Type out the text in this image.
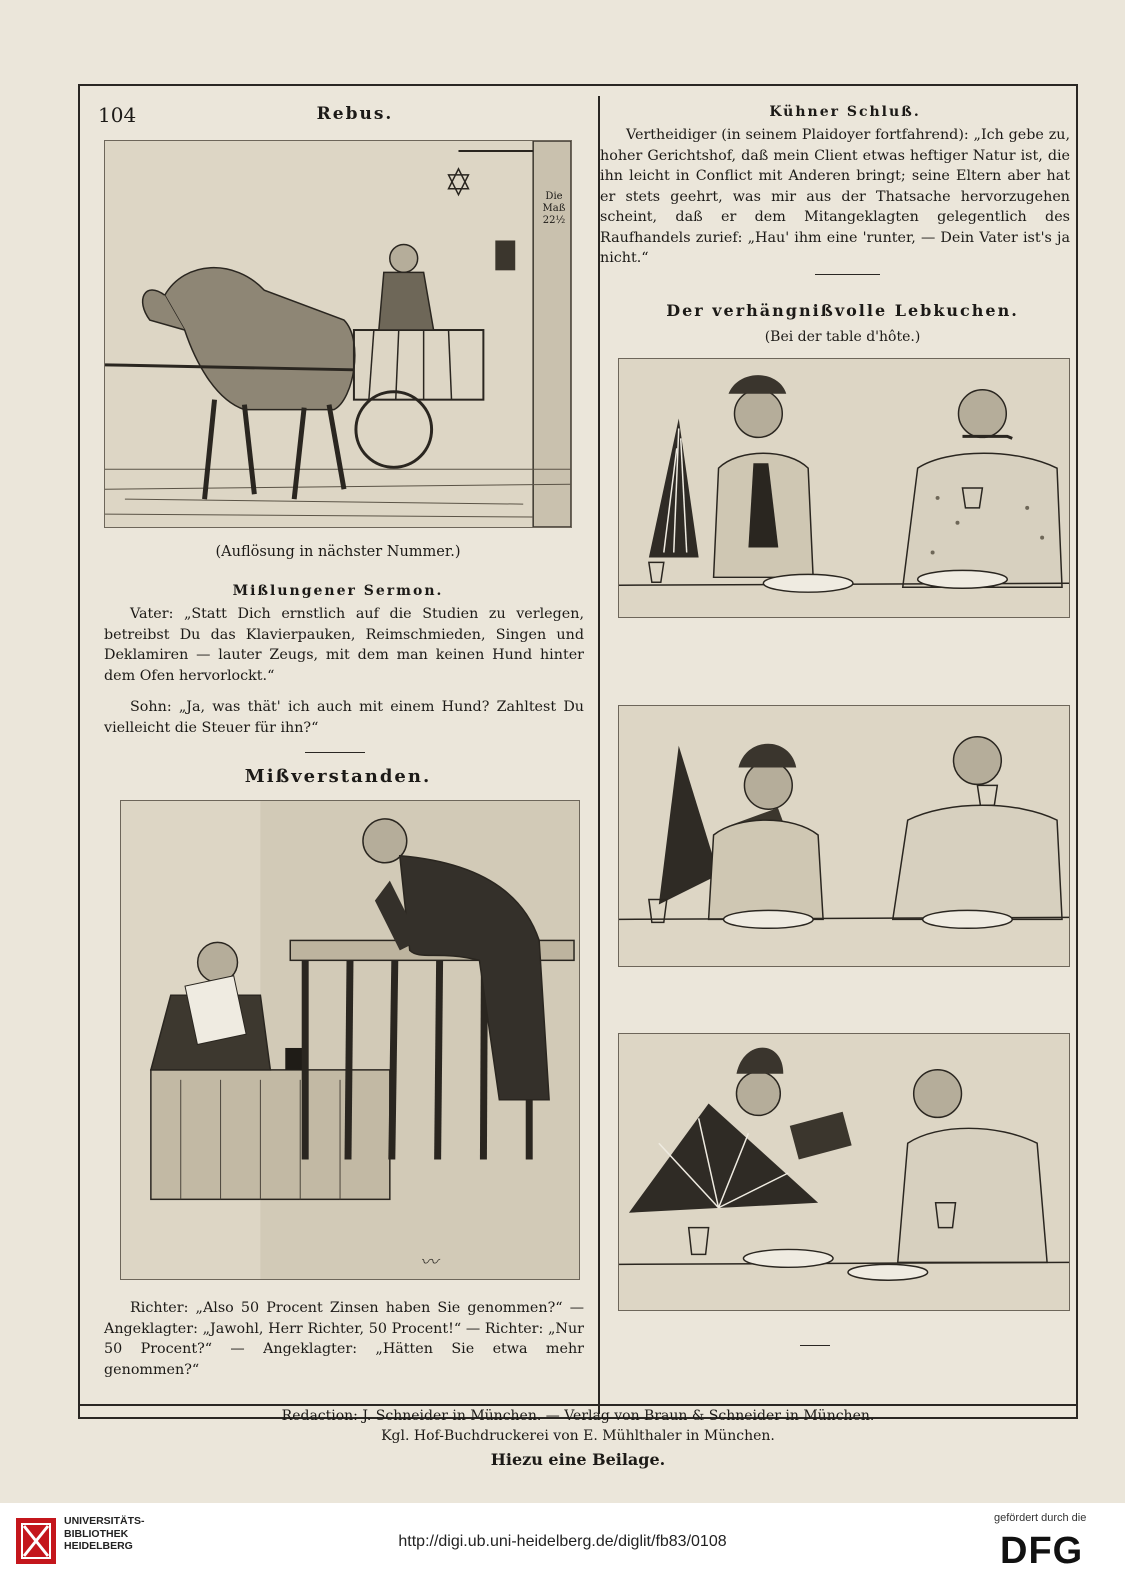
104	Rebus.
Die Maß 22½
(Auflösung in nächster Nummer.)
Mißlungener Sermon.
Vater: „Statt Dich ernstlich auf die Studien zu verlegen, betreibst Du das Klavierpauken, Reimschmieden, Singen und Deklamiren — lauter Zeugs, mit dem man keinen Hund hinter dem Ofen hervorlockt.“
Sohn: „Ja, was thät' ich auch mit einem Hund? Zahltest Du vielleicht die Steuer für ihn?“
Mißverstanden.
〰
Richter: „Also 50 Procent Zinsen haben Sie genommen?“ — Angeklagter: „Jawohl, Herr Richter, 50 Procent!“ — Richter: „Nur 50 Procent?“ — Angeklagter: „Hätten Sie etwa mehr genommen?“
Kühner Schluß.
Vertheidiger (in seinem Plaidoyer fortfahrend): „Ich gebe zu, hoher Gerichtshof, daß mein Client etwas heftiger Natur ist, die ihn leicht in Conflict mit Anderen bringt; seine Eltern aber hat er stets geehrt, was mir aus der Thatsache hervorzugehen scheint, daß er dem Mitangeklagten gelegentlich des Raufhandels zurief: „Hau' ihm eine 'runter, — Dein Vater ist's ja nicht.“
Der verhängnißvolle Lebkuchen.
(Bei der table d'hôte.)
Redaction: J. Schneider in München. — Verlag von Braun & Schneider in München.
Kgl. Hof-Buchdruckerei von E. Mühlthaler in München.
Hiezu eine Beilage.
UNIVERSITÄTS-
BIBLIOTHEK
HEIDELBERG	http://digi.ub.uni-heidelberg.de/diglit/fb83/0108
gefördert durch die
DFG
